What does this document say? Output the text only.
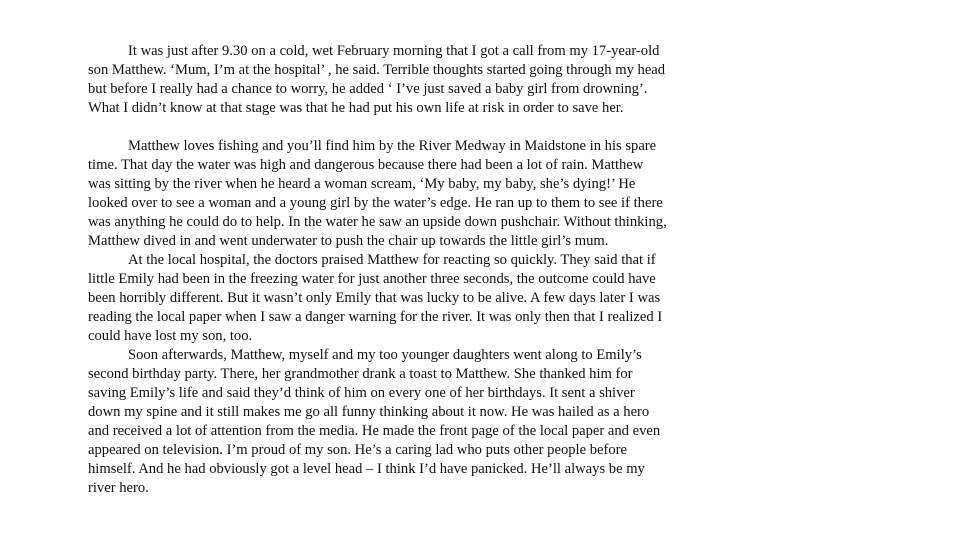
It was just after 9.30 on a cold, wet February morning that I got a call from my 17-year-old son Matthew. ‘Mum, I’m at the hospital’ , he said. Terrible thoughts started going through my head but before I really had a chance to worry, he added ‘ I’ve just saved a baby girl from drowning’. What I didn’t know at that stage was that he had put his own life at risk in order to save her.

Matthew loves fishing and you’ll find him by the River Medway in Maidstone in his spare time. That day the water was high and dangerous because there had been a lot of rain. Matthew was sitting by the river when he heard a woman scream, ‘My baby, my baby, she’s dying!’ He looked over to see a woman and a young girl by the water’s edge. He ran up to them to see if there was anything he could do to help. In the water he saw an upside down pushchair. Without thinking, Matthew dived in and went underwater to push the chair up towards the little girl’s mum.

At the local hospital, the doctors praised Matthew for reacting so quickly. They said that if little Emily had been in the freezing water for just another three seconds, the outcome could have been horribly different. But it wasn’t only Emily that was lucky to be alive. A few days later I was reading the local paper when I saw a danger warning for the river. It was only then that I realized I could have lost my son, too.

Soon afterwards, Matthew, myself and my too younger daughters went along to Emily’s second birthday party. There, her grandmother drank a toast to Matthew. She thanked him for saving Emily’s life and said they’d think of him on every one of her birthdays. It sent a shiver down my spine and it still makes me go all funny thinking about it now. He was hailed as a hero and received a lot of attention from the media. He made the front page of the local paper and even appeared on television. I’m proud of my son. He’s a caring lad who puts other people before himself. And he had obviously got a level head – I think I’d have panicked. He’ll always be my river hero.
